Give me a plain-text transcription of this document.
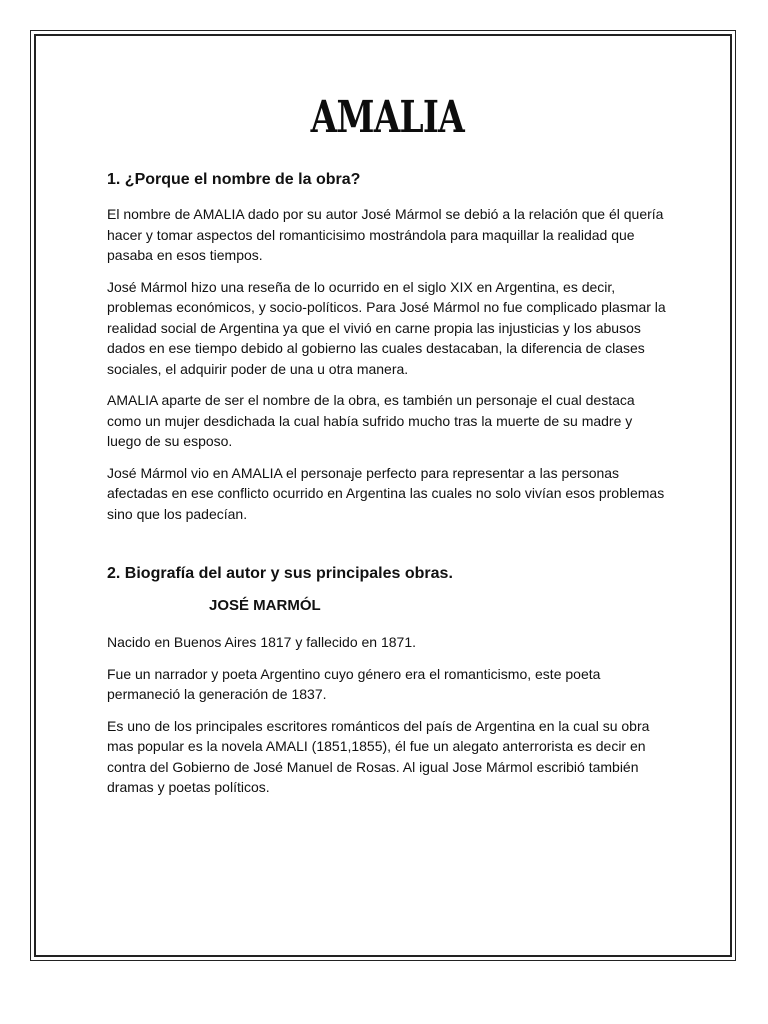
AMALIA
1. ¿Porque el nombre de la obra?

El nombre de AMALIA dado por su autor José Mármol se debió a la relación que él quería hacer y tomar aspectos del romanticisimo mostrándola para maquillar la realidad que pasaba en esos tiempos.

José Mármol hizo una reseña de lo ocurrido en el siglo XIX en Argentina, es decir, problemas económicos, y socio-políticos. Para José Mármol no fue complicado plasmar la realidad social de Argentina ya que el vivió en carne propia las injusticias y los abusos dados en ese tiempo debido al gobierno las cuales destacaban, la diferencia de clases sociales, el adquirir poder de una u otra manera.

AMALIA aparte de ser el nombre de la obra, es también un personaje el cual destaca como un mujer desdichada la cual había sufrido mucho tras la muerte de su madre y luego de su esposo.

José Mármol vio en AMALIA el personaje perfecto para representar a las personas afectadas en ese conflicto ocurrido en Argentina las cuales no solo vivían esos problemas sino que los padecían.

2. Biografía del autor y sus principales obras.
JOSÉ MARMÓL

Nacido en Buenos Aires 1817 y fallecido en 1871.

Fue un narrador y poeta Argentino cuyo género era el romanticismo, este poeta permaneció la generación de 1837.

Es uno de los principales escritores románticos del país de Argentina en la cual su obra mas popular es la novela AMALI (1851,1855), él fue un alegato anterrorista es decir en contra del Gobierno de José Manuel de Rosas. Al igual Jose Mármol escribió también dramas y poetas políticos.
